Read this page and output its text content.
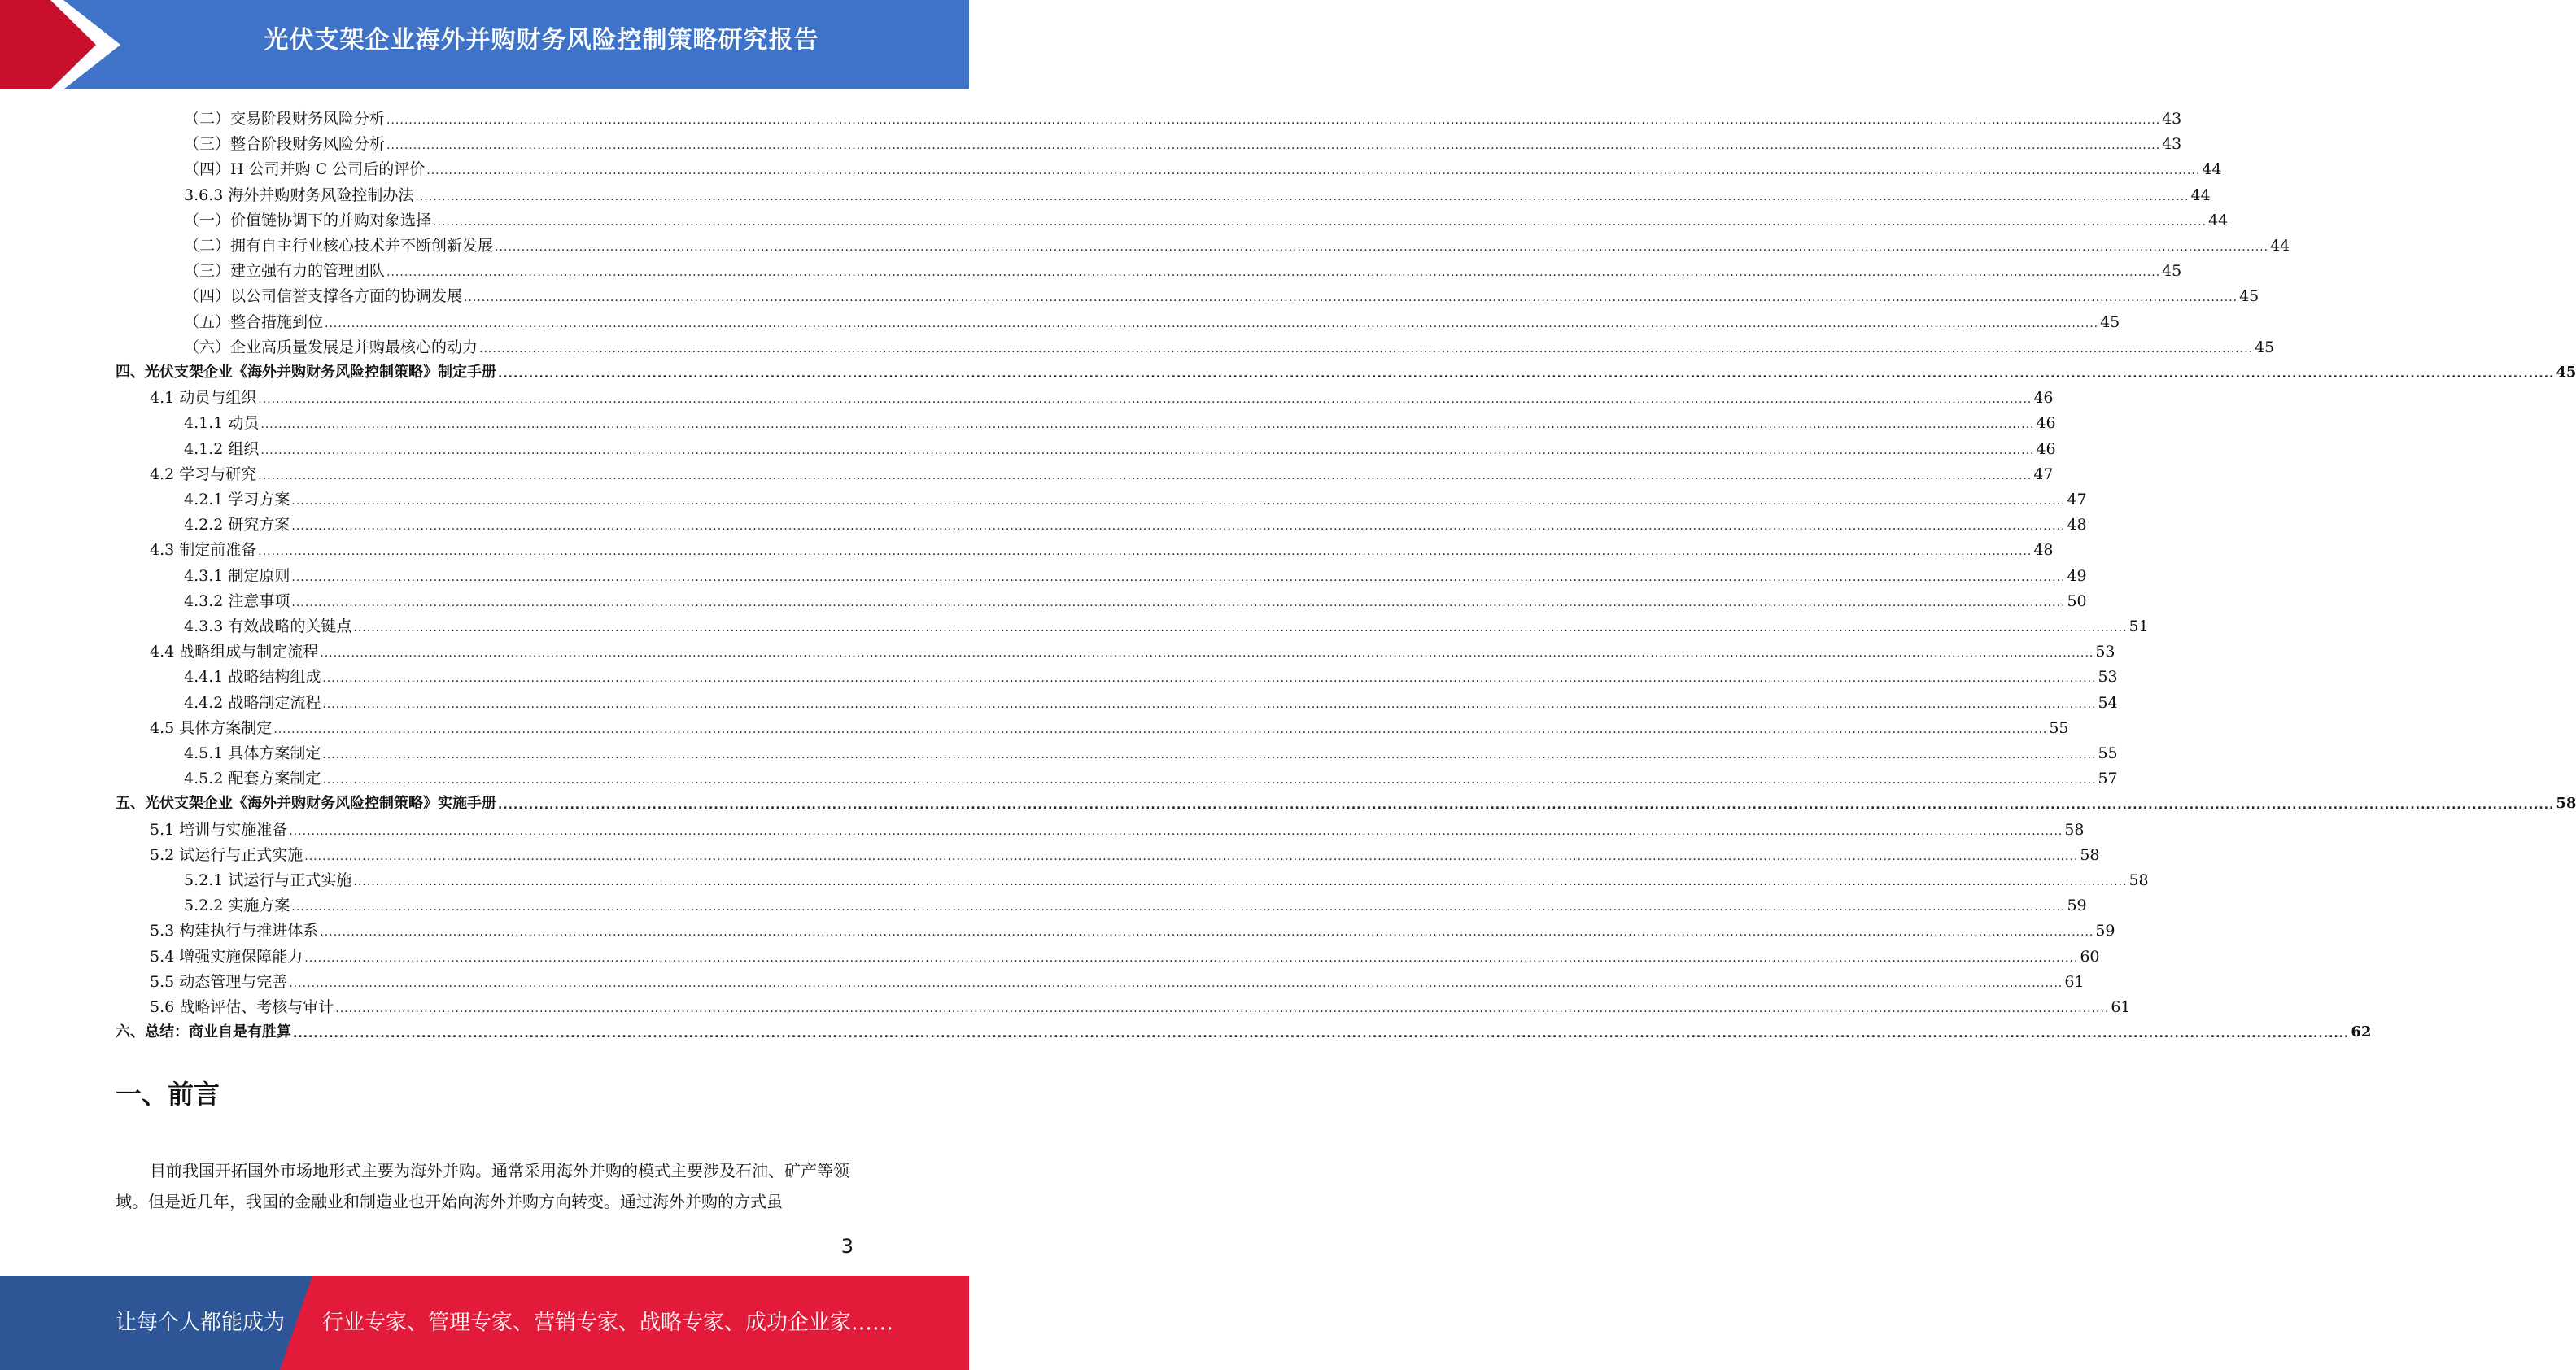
光伏支架企业海外并购财务风险控制策略研究报告
（二）交易阶段财务风险分析 ................................................................................................................................................................................................................................................................................................................................................................................................................ 43
（三）整合阶段财务风险分析 ................................................................................................................................................................................................................................................................................................................................................................................................................ 43
（四）H 公司并购 C 公司后的评价 ................................................................................................................................................................................................................................................................................................................................................................................................................ 44
3.6.3 海外并购财务风险控制办法 ................................................................................................................................................................................................................................................................................................................................................................................................................ 44
（一）价值链协调下的并购对象选择 ................................................................................................................................................................................................................................................................................................................................................................................................................ 44
（二）拥有自主行业核心技术并不断创新发展 ................................................................................................................................................................................................................................................................................................................................................................................................................ 44
（三）建立强有力的管理团队 ................................................................................................................................................................................................................................................................................................................................................................................................................ 45
（四）以公司信誉支撑各方面的协调发展 ................................................................................................................................................................................................................................................................................................................................................................................................................ 45
（五）整合措施到位 ................................................................................................................................................................................................................................................................................................................................................................................................................ 45
（六）企业高质量发展是并购最核心的动力 ................................................................................................................................................................................................................................................................................................................................................................................................................ 45
四、光伏支架企业《海外并购财务风险控制策略》制定手册 ................................................................................................................................................................................................................................................................................................................................................................................................................ 45
4.1 动员与组织 ................................................................................................................................................................................................................................................................................................................................................................................................................ 46
4.1.1 动员 ................................................................................................................................................................................................................................................................................................................................................................................................................ 46
4.1.2 组织 ................................................................................................................................................................................................................................................................................................................................................................................................................ 46
4.2 学习与研究 ................................................................................................................................................................................................................................................................................................................................................................................................................ 47
4.2.1 学习方案 ................................................................................................................................................................................................................................................................................................................................................................................................................ 47
4.2.2 研究方案 ................................................................................................................................................................................................................................................................................................................................................................................................................ 48
4.3 制定前准备 ................................................................................................................................................................................................................................................................................................................................................................................................................ 48
4.3.1 制定原则 ................................................................................................................................................................................................................................................................................................................................................................................................................ 49
4.3.2 注意事项 ................................................................................................................................................................................................................................................................................................................................................................................................................ 50
4.3.3 有效战略的关键点 ................................................................................................................................................................................................................................................................................................................................................................................................................ 51
4.4 战略组成与制定流程 ................................................................................................................................................................................................................................................................................................................................................................................................................ 53
4.4.1 战略结构组成 ................................................................................................................................................................................................................................................................................................................................................................................................................ 53
4.4.2 战略制定流程 ................................................................................................................................................................................................................................................................................................................................................................................................................ 54
4.5 具体方案制定 ................................................................................................................................................................................................................................................................................................................................................................................................................ 55
4.5.1 具体方案制定 ................................................................................................................................................................................................................................................................................................................................................................................................................ 55
4.5.2 配套方案制定 ................................................................................................................................................................................................................................................................................................................................................................................................................ 57
五、光伏支架企业《海外并购财务风险控制策略》实施手册 ................................................................................................................................................................................................................................................................................................................................................................................................................ 58
5.1 培训与实施准备 ................................................................................................................................................................................................................................................................................................................................................................................................................ 58
5.2 试运行与正式实施 ................................................................................................................................................................................................................................................................................................................................................................................................................ 58
5.2.1 试运行与正式实施 ................................................................................................................................................................................................................................................................................................................................................................................................................ 58
5.2.2 实施方案 ................................................................................................................................................................................................................................................................................................................................................................................................................ 59
5.3 构建执行与推进体系 ................................................................................................................................................................................................................................................................................................................................................................................................................ 59
5.4 增强实施保障能力 ................................................................................................................................................................................................................................................................................................................................................................................................................ 60
5.5 动态管理与完善 ................................................................................................................................................................................................................................................................................................................................................................................................................ 61
5.6 战略评估、考核与审计 ................................................................................................................................................................................................................................................................................................................................................................................................................ 61
六、总结：商业自是有胜算 ................................................................................................................................................................................................................................................................................................................................................................................................................ 62
一、前言
目前我国开拓国外市场地形式主要为海外并购。通常采用海外并购的模式主要涉及石油、矿产等领域。但是近几年，我国的金融业和制造业也开始向海外并购方向转变。通过海外并购的方式虽
3
让每个人都能成为 行业专家、管理专家、营销专家、战略专家、成功企业家……
